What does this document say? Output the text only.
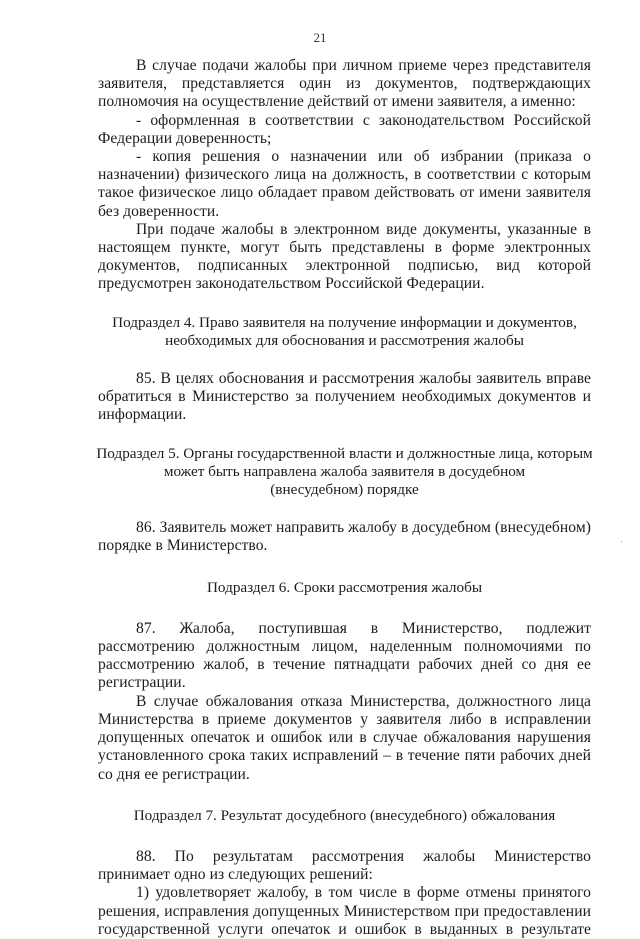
21

В случае подачи жалобы при личном приеме через представителя заявителя, представляется один из документов, подтверждающих полномочия на осуществление действий от имени заявителя, а именно:

- оформленная в соответствии с законодательством Российской Федерации доверенность;

- копия решения о назначении или об избрании (приказа о назначении) физического лица на должность, в соответствии с которым такое физическое лицо обладает правом действовать от имени заявителя без доверенности.

При подаче жалобы в электронном виде документы, указанные в настоящем пункте, могут быть представлены в форме электронных документов, подписанных электронной подписью, вид которой предусмотрен законодательством Российской Федерации.

Подраздел 4. Право заявителя на получение информации и документов, необходимых для обоснования и рассмотрения жалобы

85. В целях обоснования и рассмотрения жалобы заявитель вправе обратиться в Министерство за получением необходимых документов и информации.

Подраздел 5. Органы государственной власти и должностные лица, которым
может быть направлена жалоба заявителя в досудебном
(внесудебном) порядке

86. Заявитель может направить жалобу в досудебном (внесудебном) порядке в Министерство.

Подраздел 6. Сроки рассмотрения жалобы

87. Жалоба, поступившая в Министерство, подлежит рассмотрению должностным лицом, наделенным полномочиями по рассмотрению жалоб, в течение пятнадцати рабочих дней со дня ее регистрации.

В случае обжалования отказа Министерства, должностного лица Министерства в приеме документов у заявителя либо в исправлении допущенных опечаток и ошибок или в случае обжалования нарушения установленного срока таких исправлений – в течение пяти рабочих дней со дня ее регистрации.

Подраздел 7. Результат досудебного (внесудебного) обжалования

88. По результатам рассмотрения жалобы Министерство принимает одно из следующих решений:

1) удовлетворяет жалобу, в том числе в форме отмены принятого решения, исправления допущенных Министерством при предоставлении государственной услуги опечаток и ошибок в выданных в результате
